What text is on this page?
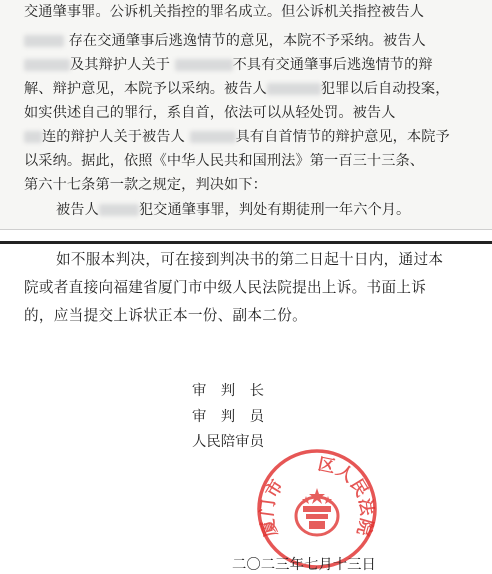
交通肇事罪。公诉机关指控的罪名成立。但公诉机关指控被告人
存在交通肇事后逃逸情节的意见，本院不予采纳。被告人
及其辩护人关于	不具有交通肇事后逃逸情节的辩
解、辩护意见，本院予以采纳。被告人	犯罪以后自动投案，
如实供述自己的罪行，系自首，依法可以从轻处罚。被告人
连的辩护人关于被告人	具有自首情节的辩护意见，本院予
以采纳。据此，依照《中华人民共和国刑法》第一百三十三条、
第六十七条第一款之规定，判决如下：
被告人	犯交通肇事罪，判处有期徒刑一年六个月。
如不服本判决，可在接到判决书的第二日起十日内，通过本
院或者直接向福建省厦门市中级人民法院提出上诉。书面上诉
的，应当提交上诉状正本一份、副本二份。
审　判　长
审　判　员
人民陪审员
厦门市　　区人民法院
二〇二三年七月十三日
